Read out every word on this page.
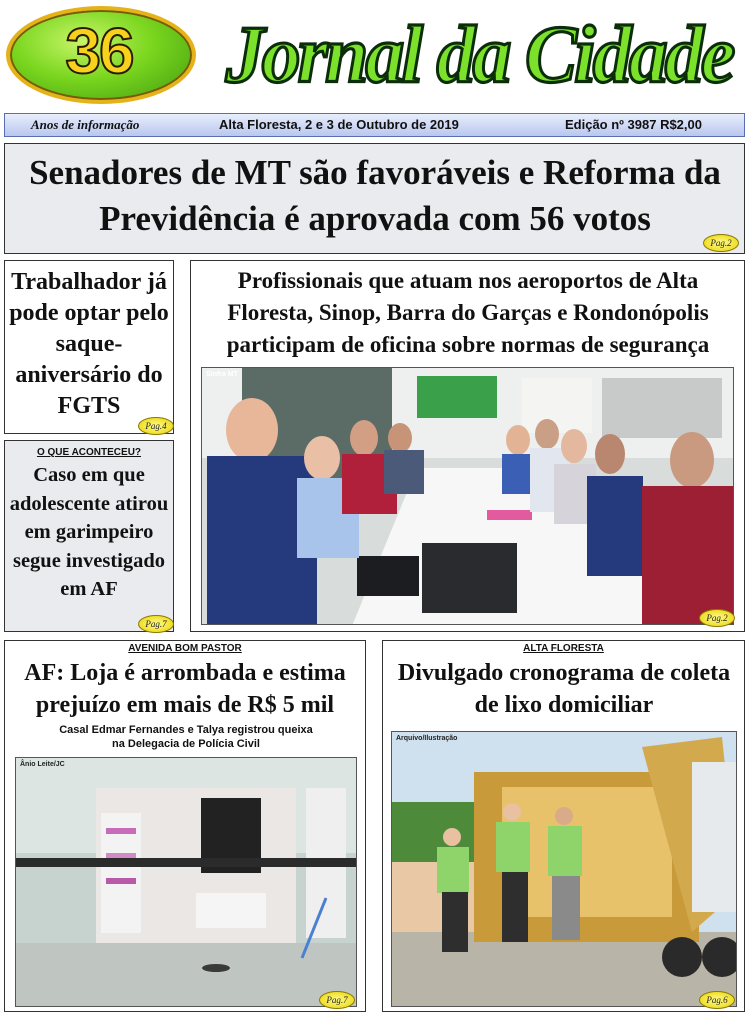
36	Jornal da Cidade
Anos de informação	Alta Floresta, 2 e 3 de Outubro de 2019	Edição nº 3987 R$2,00
Senadores de MT são favoráveis e Reforma da Previdência é aprovada com 56 votos
Pag.2
Trabalhador já pode optar pelo saque-aniversário do FGTS
Pag.4
O QUE ACONTECEU?
Caso em que adolescente atirou em garimpeiro segue investigado em AF
Pag.7
Profissionais que atuam nos aeroportos de Alta Floresta, Sinop, Barra do Garças e Rondonópolis participam de oficina sobre normas de segurança
Sinfra MT
Pag.2
AVENIDA BOM PASTOR
AF: Loja é arrombada e estima prejuízo em mais de R$ 5 mil
Casal Edmar Fernandes e Talya registrou queixa na Delegacia de Polícia Civil
Ânio Leite/JC
Pag.7
ALTA FLORESTA
Divulgado cronograma de coleta de lixo domiciliar
Arquivo/Ilustração
Pag.6
